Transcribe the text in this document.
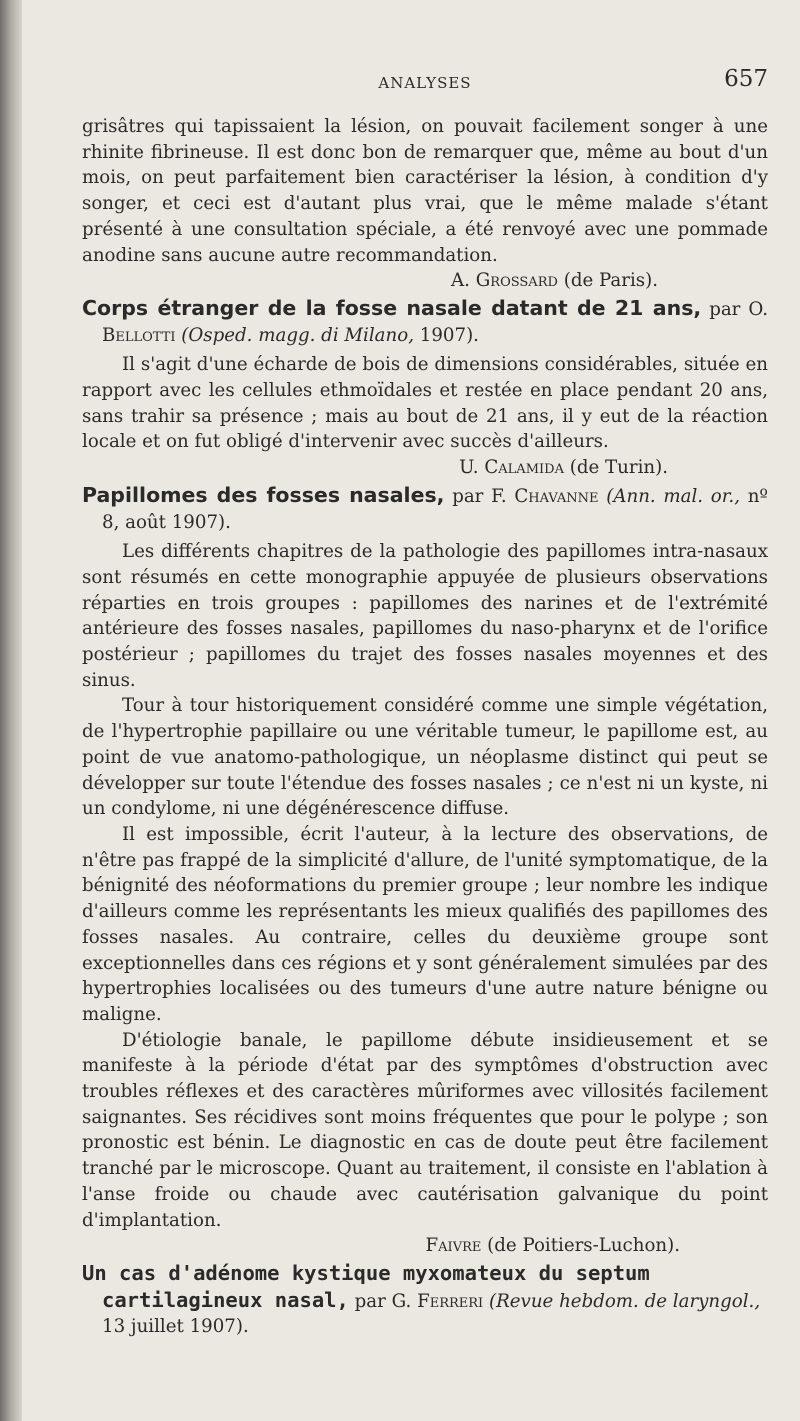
ANALYSES	657

grisâtres qui tapissaient la lésion, on pouvait facilement songer à une rhinite fibrineuse. Il est donc bon de remarquer que, même au bout d'un mois, on peut parfaitement bien caractériser la lésion, à condition d'y songer, et ceci est d'autant plus vrai, que le même malade s'étant présenté à une consultation spéciale, a été renvoyé avec une pommade anodine sans aucune autre recommandation.

A. Grossard (de Paris).

Corps étranger de la fosse nasale datant de 21 ans, par O. Bellotti (Osped. magg. di Milano, 1907).

Il s'agit d'une écharde de bois de dimensions considérables, située en rapport avec les cellules ethmoïdales et restée en place pendant 20 ans, sans trahir sa présence ; mais au bout de 21 ans, il y eut de la réaction locale et on fut obligé d'intervenir avec succès d'ailleurs.

U. Calamida (de Turin).

Papillomes des fosses nasales, par F. Chavanne (Ann. mal. or., nº 8, août 1907).

Les différents chapitres de la pathologie des papillomes intra-nasaux sont résumés en cette monographie appuyée de plusieurs observations réparties en trois groupes : papillomes des narines et de l'extrémité antérieure des fosses nasales, papillomes du naso-pharynx et de l'orifice postérieur ; papillomes du trajet des fosses nasales moyennes et des sinus.

Tour à tour historiquement considéré comme une simple végétation, de l'hypertrophie papillaire ou une véritable tumeur, le papillome est, au point de vue anatomo-pathologique, un néoplasme distinct qui peut se développer sur toute l'étendue des fosses nasales ; ce n'est ni un kyste, ni un condylome, ni une dégénérescence diffuse.

Il est impossible, écrit l'auteur, à la lecture des observations, de n'être pas frappé de la simplicité d'allure, de l'unité symptomatique, de la bénignité des néoformations du premier groupe ; leur nombre les indique d'ailleurs comme les représentants les mieux qualifiés des papillomes des fosses nasales. Au contraire, celles du deuxième groupe sont exceptionnelles dans ces régions et y sont généralement simulées par des hypertrophies localisées ou des tumeurs d'une autre nature bénigne ou maligne.

D'étiologie banale, le papillome débute insidieusement et se manifeste à la période d'état par des symptômes d'obstruction avec troubles réflexes et des caractères mûriformes avec villosités facilement saignantes. Ses récidives sont moins fréquentes que pour le polype ; son pronostic est bénin. Le diagnostic en cas de doute peut être facilement tranché par le microscope. Quant au traitement, il consiste en l'ablation à l'anse froide ou chaude avec cautérisation galvanique du point d'implantation.

Faivre (de Poitiers-Luchon).

Un cas d'adénome kystique myxomateux du septum cartilagineux nasal, par G. Ferreri (Revue hebdom. de laryngol., 13 juillet 1907).
